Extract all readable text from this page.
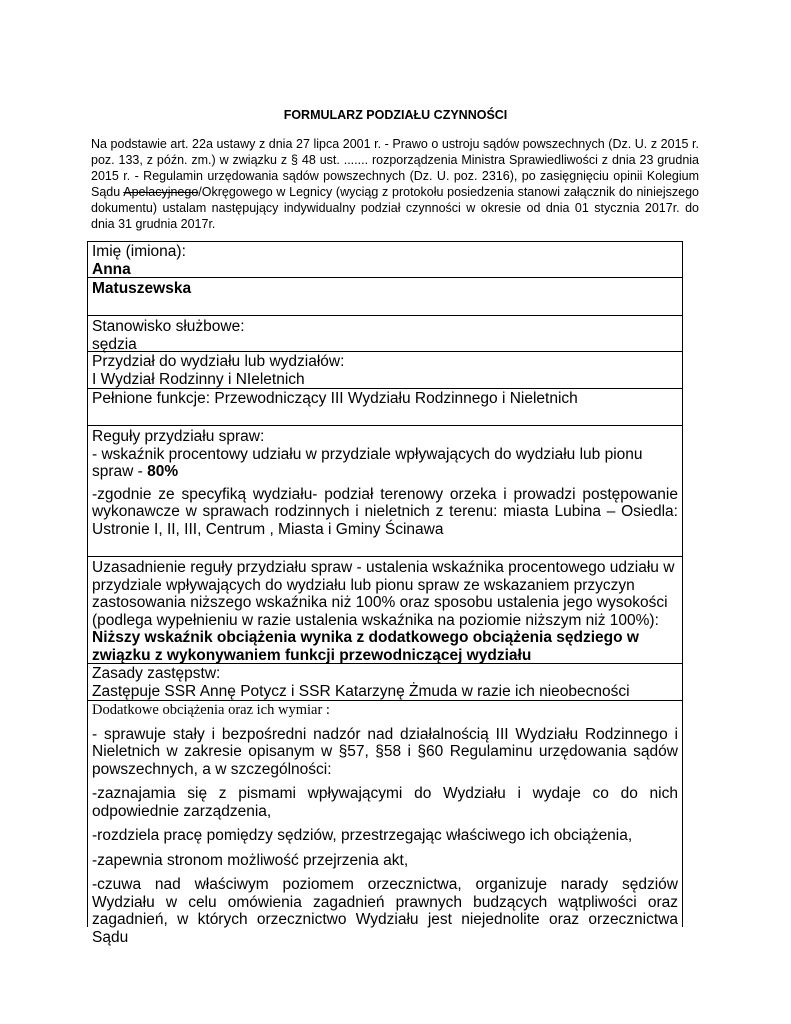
FORMULARZ PODZIAŁU CZYNNOŚCI
Na podstawie art. 22a ustawy z dnia 27 lipca 2001 r. - Prawo o ustroju sądów powszechnych (Dz. U. z 2015 r. poz. 133, z późn. zm.) w związku z § 48 ust. ....... rozporządzenia Ministra Sprawiedliwości z dnia 23 grudnia 2015 r. - Regulamin urzędowania sądów powszechnych (Dz. U. poz. 2316), po zasięgnięciu opinii Kolegium Sądu Apelacyjnego/Okręgowego w Legnicy (wyciąg z protokołu posiedzenia stanowi załącznik do niniejszego dokumentu) ustalam następujący indywidualny podział czynności w okresie od dnia 01 stycznia 2017r. do dnia 31 grudnia 2017r.
Imię (imiona):
Anna
Matuszewska
Stanowisko służbowe:
sędzia
Przydział do wydziału lub wydziałów:
I Wydział Rodzinny i NIeletnich
Pełnione funkcje: Przewodniczący III Wydziału Rodzinnego i Nieletnich
Reguły przydziału spraw:
- wskaźnik procentowy udziału w przydziale wpływających do wydziału lub pionu
spraw - 80%
-zgodnie ze specyfiką wydziału- podział terenowy orzeka i prowadzi postępowanie wykonawcze w sprawach rodzinnych i nieletnich z terenu: miasta Lubina – Osiedla: Ustronie I, II, III, Centrum , Miasta i Gminy Ścinawa
Uzasadnienie reguły przydziału spraw - ustalenia wskaźnika procentowego udziału w przydziale wpływających do wydziału lub pionu spraw ze wskazaniem przyczyn zastosowania niższego wskaźnika niż 100% oraz sposobu ustalenia jego wysokości (podlega wypełnieniu w razie ustalenia wskaźnika na poziomie niższym niż 100%):
Niższy wskaźnik obciążenia wynika z dodatkowego obciążenia sędziego w związku z wykonywaniem funkcji przewodniczącej wydziału
Zasady zastępstw:
Zastępuje SSR Annę Potycz i SSR Katarzynę Żmuda w razie ich nieobecności
Dodatkowe obciążenia oraz ich wymiar :

- sprawuje stały i bezpośredni nadzór nad działalnością III Wydziału Rodzinnego i Nieletnich w zakresie opisanym w §57, §58 i §60 Regulaminu urzędowania sądów powszechnych, a w szczególności:

-zaznajamia się z pismami wpływającymi do Wydziału i wydaje co do nich odpowiednie zarządzenia,

-rozdziela pracę pomiędzy sędziów, przestrzegając właściwego ich obciążenia,

-zapewnia stronom możliwość przejrzenia akt,

-czuwa nad właściwym poziomem orzecznictwa, organizuje narady sędziów Wydziału w celu omówienia zagadnień prawnych budzących wątpliwości oraz zagadnień, w których orzecznictwo Wydziału jest niejednolite oraz orzecznictwa Sądu
